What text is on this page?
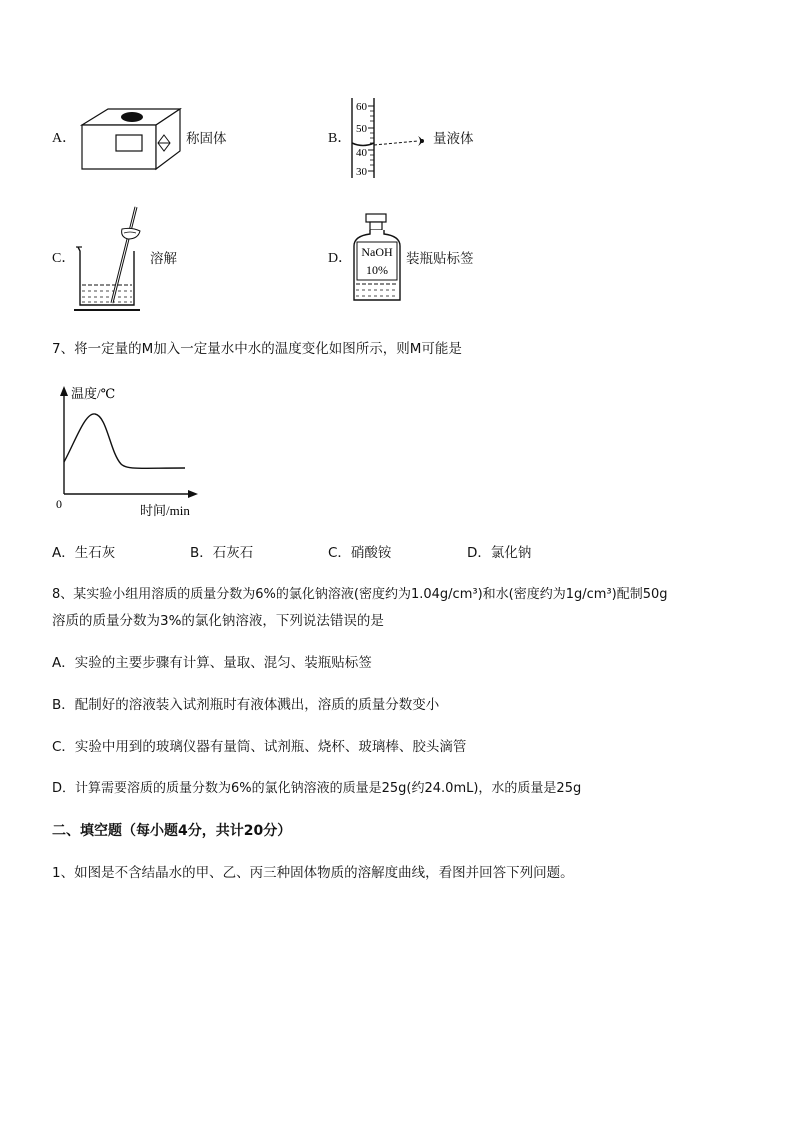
A．	称固体	B．
60
50
40
30
量液体
C．	溶解	D． NaOH
10%
装瓶贴标签
7、将一定量的M加入一定量水中水的温度变化如图所示，则M可能是
温度/℃
0	时间/min
A．生石灰	B．石灰石	C．硝酸铵	D．氯化钠
8、某实验小组用溶质的质量分数为6%的氯化钠溶液(密度约为1.04g/cm³)和水(密度约为1g/cm³)配制50g
溶质的质量分数为3%的氯化钠溶液，下列说法错误的是
A．实验的主要步骤有计算、量取、混匀、装瓶贴标签
B．配制好的溶液装入试剂瓶时有液体溅出，溶质的质量分数变小
C．实验中用到的玻璃仪器有量筒、试剂瓶、烧杯、玻璃棒、胶头滴管
D．计算需要溶质的质量分数为6%的氯化钠溶液的质量是25g(约24.0mL)，水的质量是25g
二、填空题（每小题4分，共计20分）
1、如图是不含结晶水的甲、乙、丙三种固体物质的溶解度曲线，看图并回答下列问题。
